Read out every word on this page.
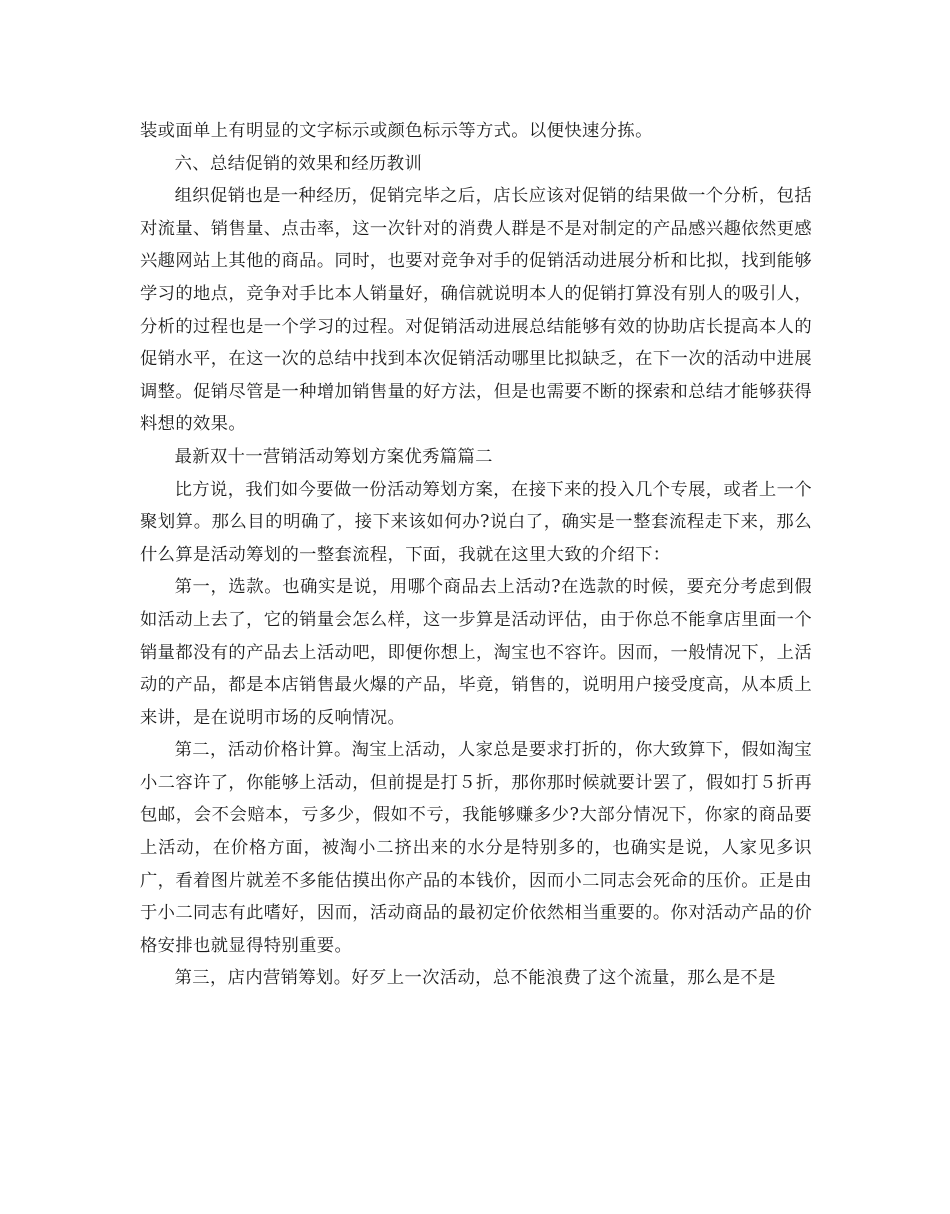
装或面单上有明显的文字标示或颜色标示等方式。以便快速分拣。

六、总结促销的效果和经历教训

组织促销也是一种经历，促销完毕之后，店长应该对促销的结果做一个分析，包括对流量、销售量、点击率，这一次针对的消费人群是不是对制定的产品感兴趣依然更感兴趣网站上其他的商品。同时，也要对竞争对手的促销活动进展分析和比拟，找到能够学习的地点，竞争对手比本人销量好，确信就说明本人的促销打算没有别人的吸引人，分析的过程也是一个学习的过程。对促销活动进展总结能够有效的协助店长提高本人的促销水平，在这一次的总结中找到本次促销活动哪里比拟缺乏，在下一次的活动中进展调整。促销尽管是一种增加销售量的好方法，但是也需要不断的探索和总结才能够获得料想的效果。

最新双十一营销活动筹划方案优秀篇篇二

比方说，我们如今要做一份活动筹划方案，在接下来的投入几个专展，或者上一个聚划算。那么目的明确了，接下来该如何办?说白了，确实是一整套流程走下来，那么什么算是活动筹划的一整套流程，下面，我就在这里大致的介绍下：

第一，选款。也确实是说，用哪个商品去上活动?在选款的时候，要充分考虑到假如活动上去了，它的销量会怎么样，这一步算是活动评估，由于你总不能拿店里面一个销量都没有的产品去上活动吧，即便你想上，淘宝也不容许。因而，一般情况下，上活动的产品，都是本店销售最火爆的产品，毕竟，销售的，说明用户接受度高，从本质上来讲，是在说明市场的反响情况。

第二，活动价格计算。淘宝上活动，人家总是要求打折的，你大致算下，假如淘宝小二容许了，你能够上活动，但前提是打５折，那你那时候就要计罢了，假如打５折再包邮，会不会赔本，亏多少，假如不亏，我能够赚多少?大部分情况下，你家的商品要上活动，在价格方面，被淘小二挤出来的水分是特别多的，也确实是说，人家见多识广，看着图片就差不多能估摸出你产品的本钱价，因而小二同志会死命的压价。正是由于小二同志有此嗜好，因而，活动商品的最初定价依然相当重要的。你对活动产品的价格安排也就显得特别重要。

第三，店内营销筹划。好歹上一次活动，总不能浪费了这个流量，那么是不是
